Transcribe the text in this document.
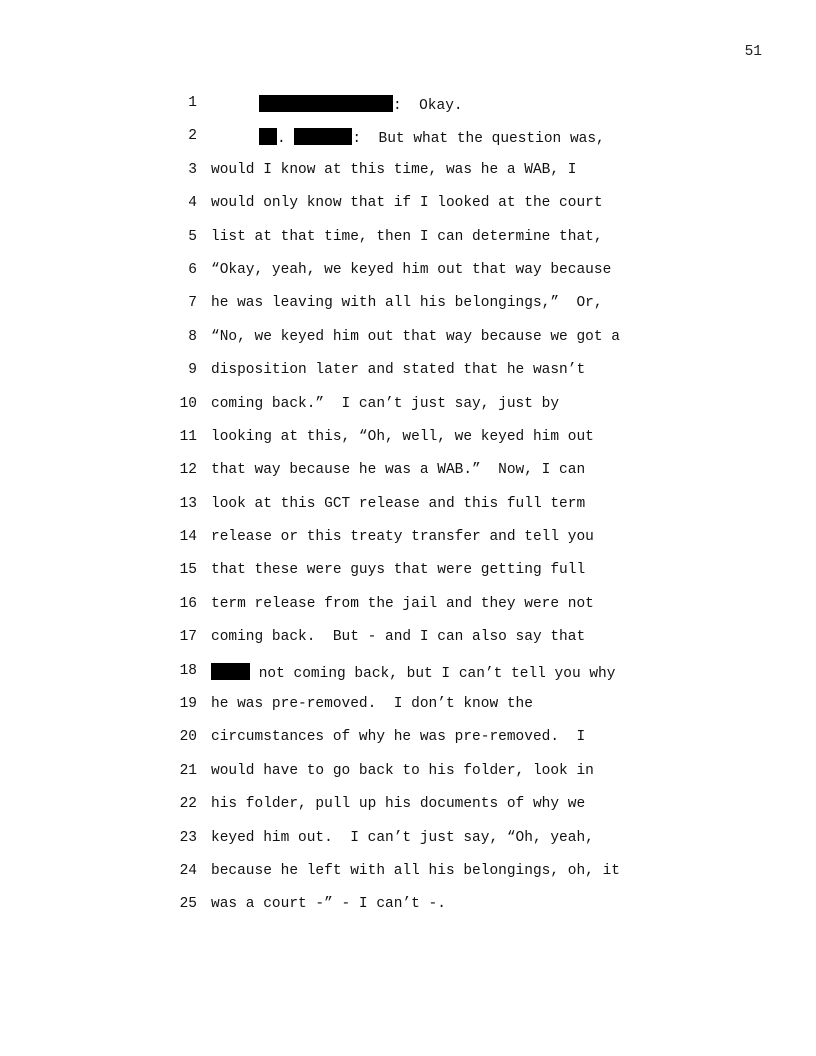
51
1	:  Okay.
2	.	:  But what the question was,
3 would I know at this time, was he a WAB, I
4 would only know that if I looked at the court
5 list at that time, then I can determine that,
6 “Okay, yeah, we keyed him out that way because
7 he was leaving with all his belongings,”  Or,
8 “No, we keyed him out that way because we got a
9 disposition later and stated that he wasn’t
10 coming back.”  I can’t just say, just by
11 looking at this, “Oh, well, we keyed him out
12 that way because he was a WAB.”  Now, I can
13 look at this GCT release and this full term
14 release or this treaty transfer and tell you
15 that these were guys that were getting full
16 term release from the jail and they were not
17 coming back.  But - and I can also say that
18	not coming back, but I can’t tell you why
19 he was pre-removed.  I don’t know the
20 circumstances of why he was pre-removed.  I
21 would have to go back to his folder, look in
22 his folder, pull up his documents of why we
23 keyed him out.  I can’t just say, “Oh, yeah,
24 because he left with all his belongings, oh, it
25 was a court -” - I can’t -.
